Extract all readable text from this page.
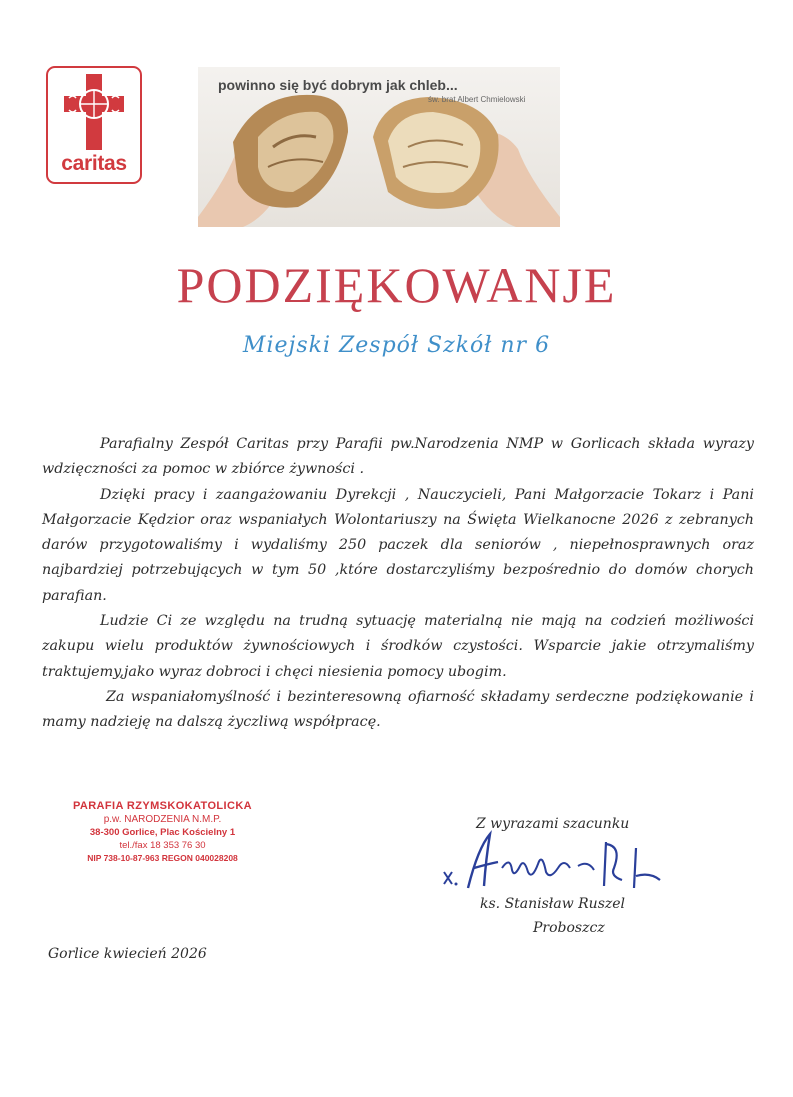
caritas
powinno się być dobrym jak chleb...
św. brat Albert Chmielowski
PODZIĘKOWANJE
Miejski Zespół Szkół nr 6

Parafialny Zespół Caritas przy Parafii pw.Narodzenia NMP w Gorlicach składa wyrazy wdzięczności za pomoc w zbiórce żywności .

Dzięki pracy i zaangażowaniu Dyrekcji , Nauczycieli, Pani Małgorzacie Tokarz i Pani Małgorzacie Kędzior oraz wspaniałych Wolontariuszy na Święta Wielkanocne 2026 z zebranych darów przygotowaliśmy i wydaliśmy 250 paczek dla seniorów , niepełnosprawnych oraz najbardziej potrzebujących w tym 50 ,które dostarczyliśmy bezpośrednio do domów chorych parafian.

Ludzie Ci ze względu na trudną sytuację materialną nie mają na codzień możliwości zakupu wielu produktów żywnościowych i środków czystości. Wsparcie jakie otrzymaliśmy traktujemy,jako wyraz dobroci i chęci niesienia pomocy ubogim.

Za wspaniałomyślność i bezinteresowną ofiarność składamy serdeczne podziękowanie i mamy nadzieję na dalszą życzliwą współpracę.

PARAFIA RZYMSKOKATOLICKA
p.w. NARODZENIA N.M.P.
38-300 Gorlice, Plac Kościelny 1
tel./fax 18 353 76 30
NIP 738-10-87-963 REGON 040028208
Z wyrazami szacunku
ks. Stanisław Ruszel
Proboszcz
Gorlice kwiecień 2026
